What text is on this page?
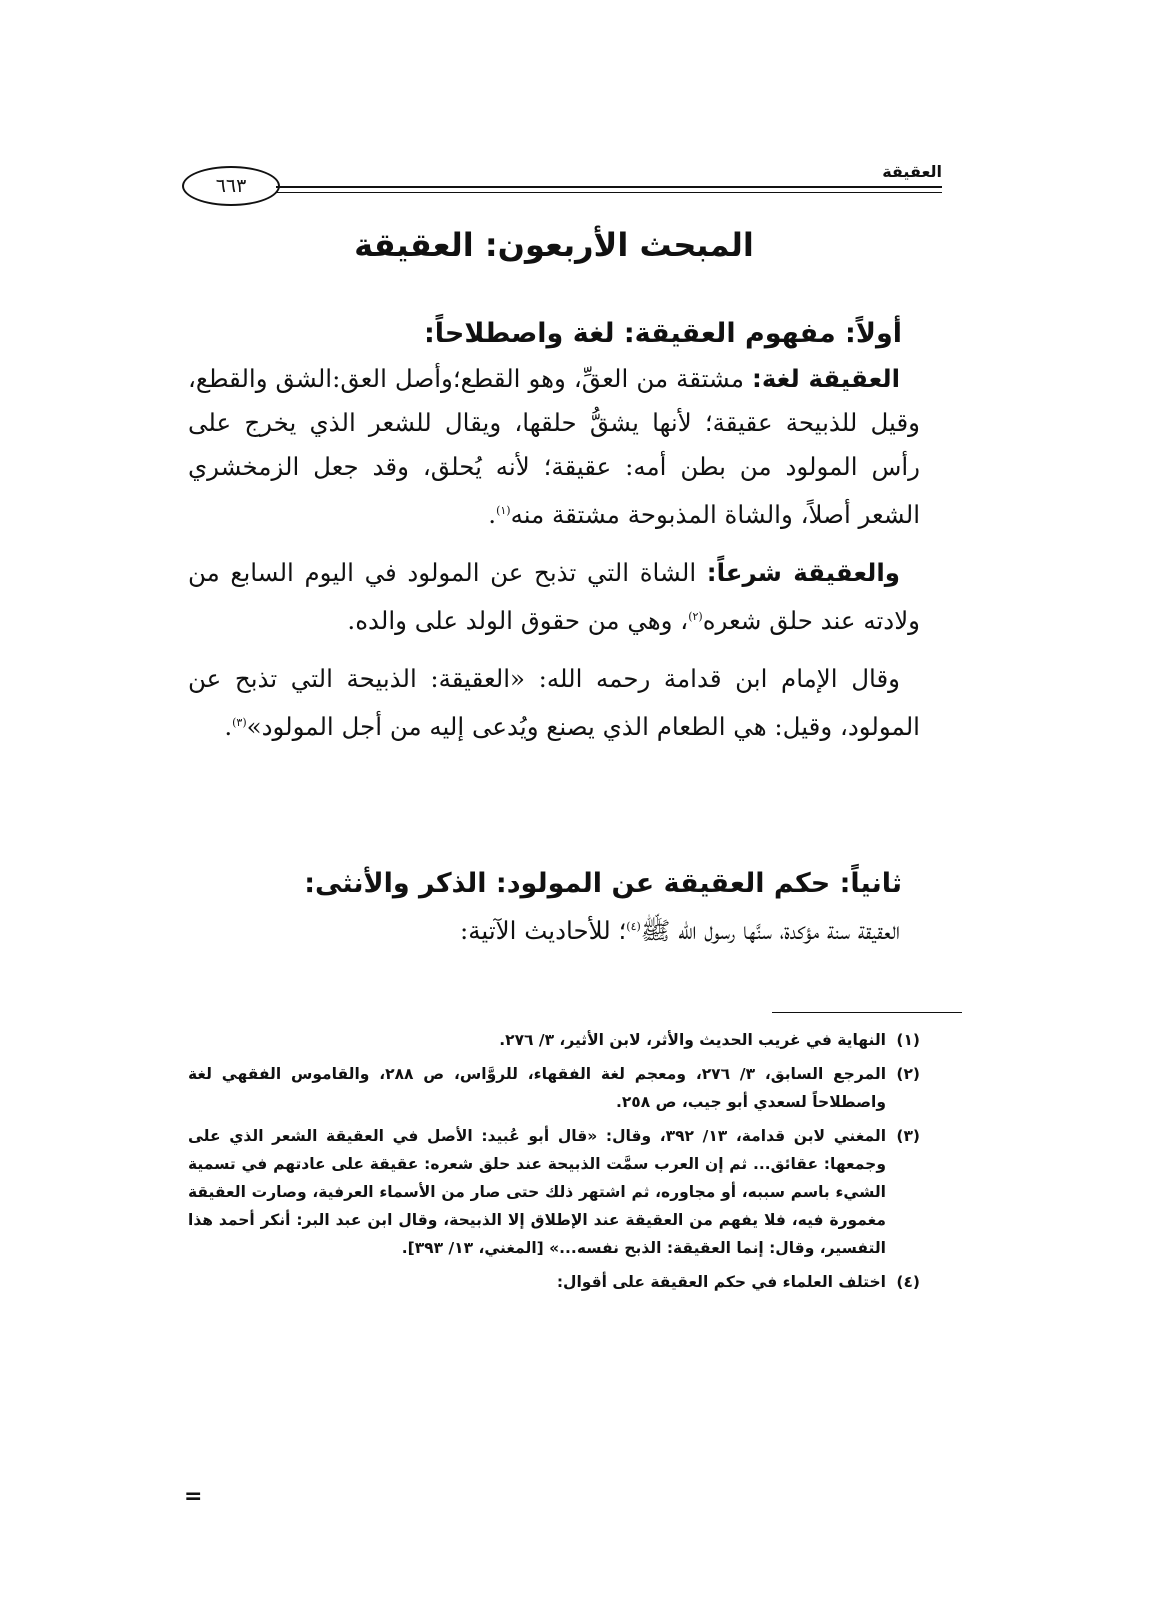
٦٦٣
العقيقة
المبحث الأربعون: العقيقة

أولاً: مفهوم العقيقة: لغة واصطلاحاً:

العقيقة لغة: مشتقة من العقِّ، وهو القطع؛وأصل العق:الشق والقطع، وقيل للذبيحة عقيقة؛ لأنها يشقُّ حلقها، ويقال للشعر الذي يخرج على رأس المولود من بطن أمه: عقيقة؛ لأنه يُحلق، وقد جعل الزمخشري الشعر أصلاً، والشاة المذبوحة مشتقة منه$^{(١)}$.

والعقيقة شرعاً: الشاة التي تذبح عن المولود في اليوم السابع من ولادته عند حلق شعره$^{(٢)}$، وهي من حقوق الولد على والده.

وقال الإمام ابن قدامة رحمه الله: «العقيقة: الذبيحة التي تذبح عن المولود، وقيل: هي الطعام الذي يصنع ويُدعى إليه من أجل المولود»$^{(٣)}$.

ثانياً: حكم العقيقة عن المولود: الذكر والأنثى:

العقيقة سنة مؤكدة، سنَّها رسول الله ﷺ$^{(٤)}$؛ للأحاديث الآتية:

(١)
النهاية في غريب الحديث والأثر، لابن الأثير، ٣/ ٢٧٦.

(٢)
المرجع السابق، ٣/ ٢٧٦، ومعجم لغة الفقهاء، للروَّاس، ص ٢٨٨، والقاموس الفقهي لغة واصطلاحاً لسعدي أبو جيب، ص ٢٥٨.

(٣)
المغني لابن قدامة، ١٣/ ٣٩٢، وقال: «قال أبو عُبيد: الأصل في العقيقة الشعر الذي على وجمعها: عقائق... ثم إن العرب سمَّت الذبيحة عند حلق شعره: عقيقة على عادتهم في تسمية الشيء باسم سببه، أو مجاوره، ثم اشتهر ذلك حتى صار من الأسماء العرفية، وصارت العقيقة مغمورة فيه، فلا يفهم من العقيقة عند الإطلاق إلا الذبيحة، وقال ابن عبد البر: أنكر أحمد هذا التفسير، وقال: إنما العقيقة: الذبح نفسه...» [المغني، ١٣/ ٣٩٣].

(٤)
اختلف العلماء في حكم العقيقة على أقوال:

=
